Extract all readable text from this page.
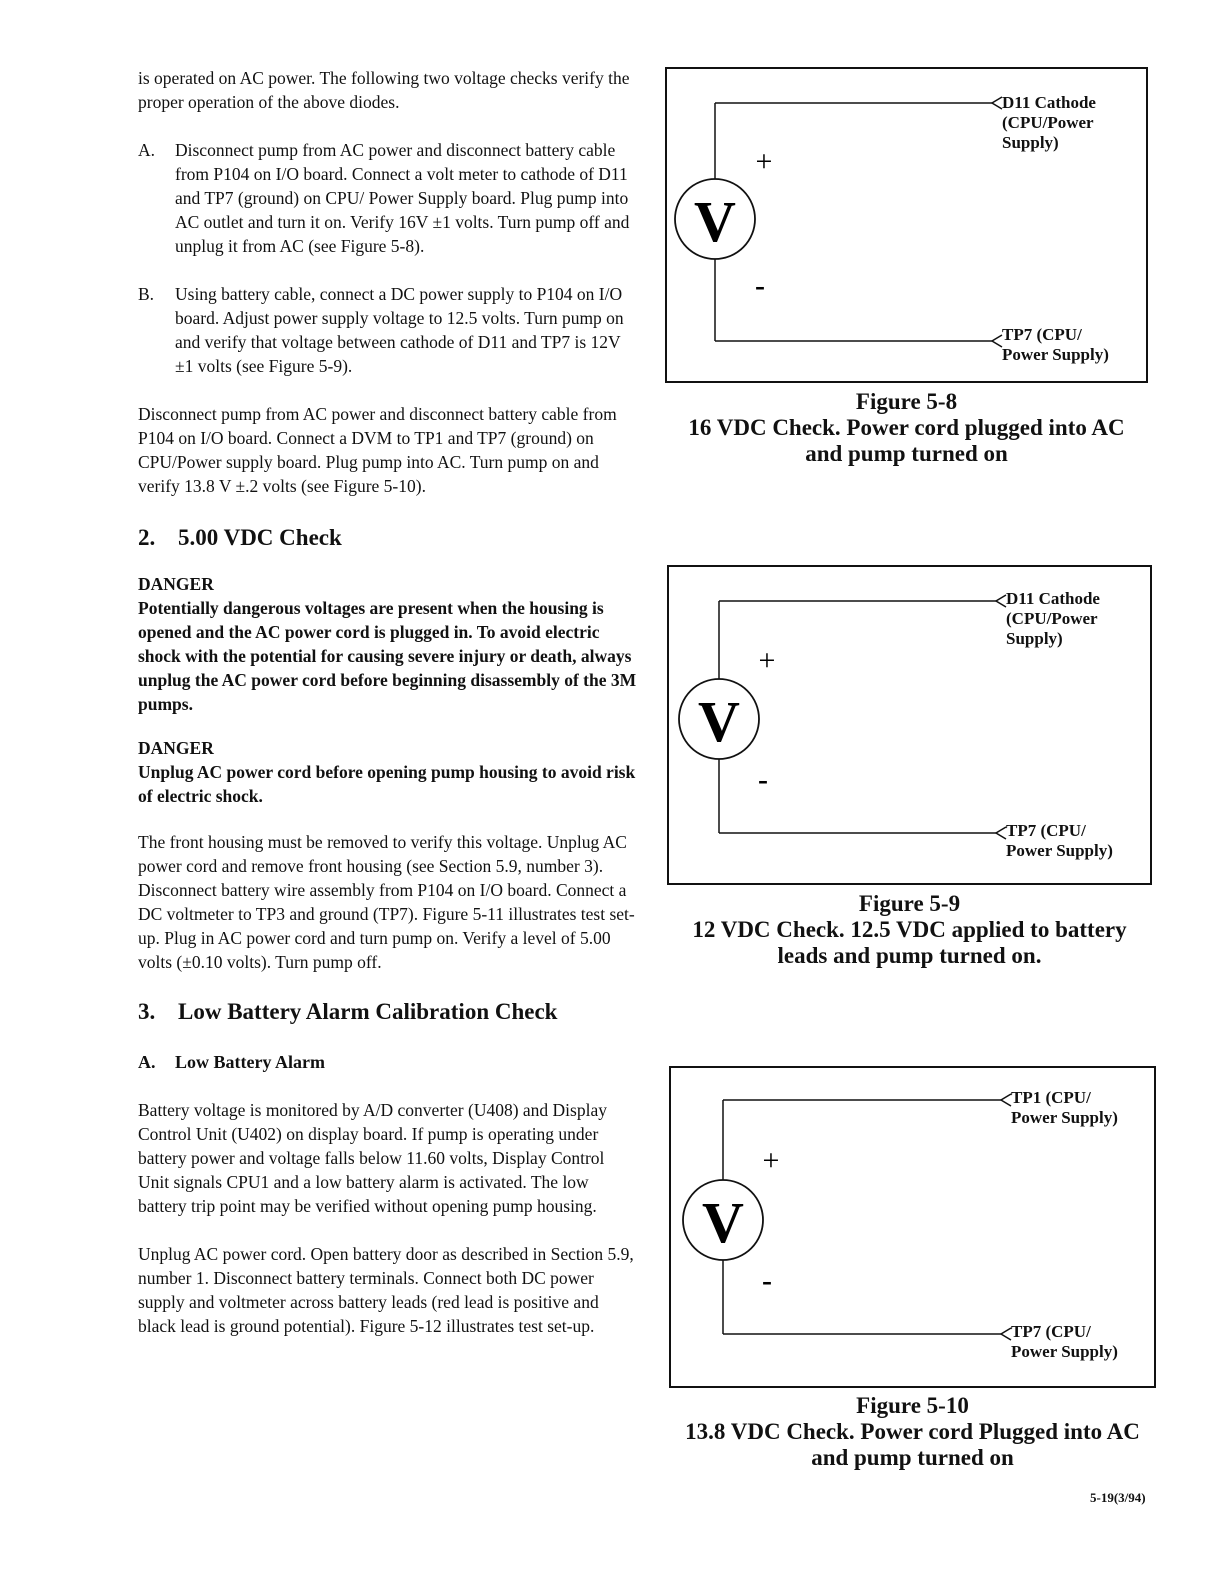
is operated on AC power. The following two voltage checks verify the proper operation of the above diodes.

A. Disconnect pump from AC power and disconnect battery cable from P104 on I/O board. Connect a volt meter to cathode of D11 and TP7 (ground) on CPU/ Power Supply board. Plug pump into AC outlet and turn it on. Verify 16V ±1 volts. Turn pump off and unplug it from AC (see Figure 5-8).
B. Using battery cable, connect a DC power supply to P104 on I/O board. Adjust power supply voltage to 12.5 volts. Turn pump on and verify that voltage between cathode of D11 and TP7 is 12V ±1 volts (see Figure 5-9).

Disconnect pump from AC power and disconnect battery cable from P104 on I/O board. Connect a DVM to TP1 and TP7 (ground) on CPU/Power supply board. Plug pump into AC. Turn pump on and verify 13.8 V ±.2 volts (see Figure 5-10).

2. 5.00 VDC Check

DANGER

Potentially dangerous voltages are present when the housing is opened and the AC power cord is plugged in. To avoid electric shock with the potential for causing severe injury or death, always unplug the AC power cord before beginning disassembly of the 3M pumps.

DANGER

Unplug AC power cord before opening pump housing to avoid risk of electric shock.

The front housing must be removed to verify this voltage. Unplug AC power cord and remove front housing (see Section 5.9, number 3). Disconnect battery wire assembly from P104 on I/O board. Connect a DC voltmeter to TP3 and ground (TP7). Figure 5-11 illustrates test set-up. Plug in AC power cord and turn pump on. Verify a level of 5.00 volts (±0.10 volts). Turn pump off.

3. Low Battery Alarm Calibration Check
A. Low Battery Alarm

Battery voltage is monitored by A/D converter (U408) and Display Control Unit (U402) on display board. If pump is operating under battery power and voltage falls below 11.60 volts, Display Control Unit signals CPU1 and a low battery alarm is activated. The low battery trip point may be verified without opening pump housing.

Unplug AC power cord. Open battery door as described in Section 5.9, number 1. Disconnect battery terminals. Connect both DC power supply and voltmeter across battery leads (red lead is positive and black lead is ground potential). Figure 5-12 illustrates test set-up.

V
+
-
D11 Cathode
(CPU/Power
Supply)
TP7 (CPU/
Power Supply)
Figure 5-8
16 VDC Check. Power cord plugged into AC
and pump turned on
V
+
-
D11 Cathode
(CPU/Power
Supply)
TP7 (CPU/
Power Supply)
Figure 5-9
12 VDC Check. 12.5 VDC applied to battery
leads and pump turned on.
V
+
-
TP1 (CPU/
Power Supply)
TP7 (CPU/
Power Supply)
Figure 5-10
13.8 VDC Check. Power cord Plugged into AC
and pump turned on
5-19(3/94)
